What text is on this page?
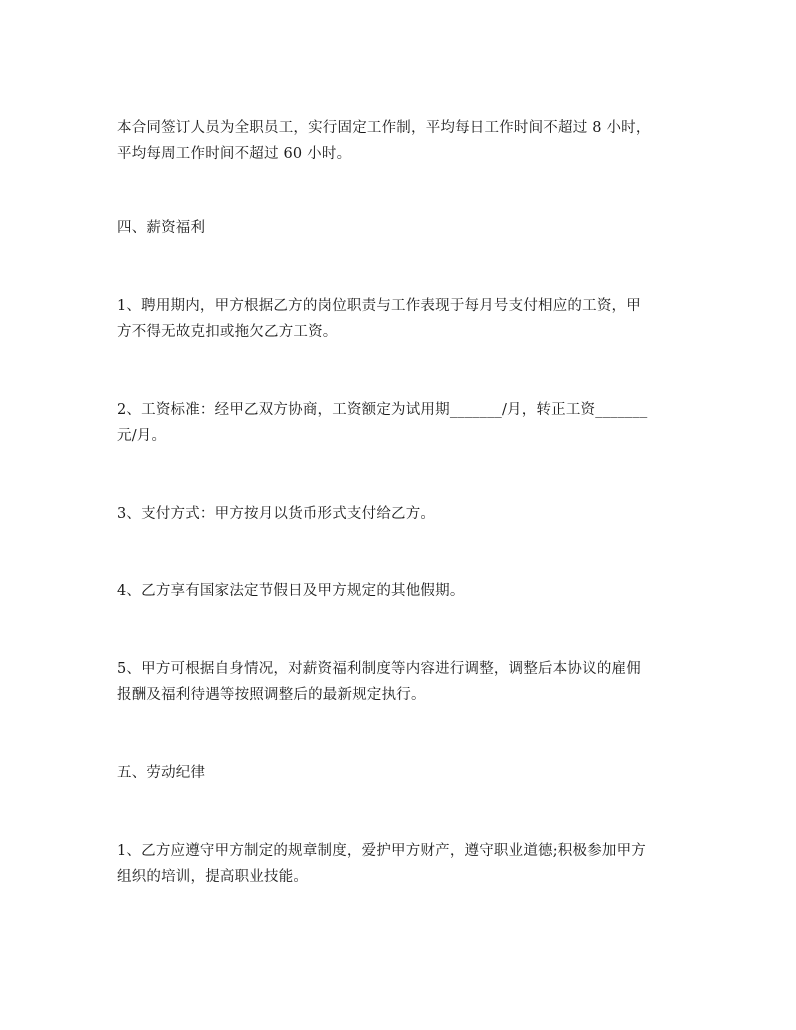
本合同签订人员为全职员工，实行固定工作制，平均每日工作时间不超过 8 小时，
平均每周工作时间不超过 60 小时。
四、薪资福利
1、聘用期内，甲方根据乙方的岗位职责与工作表现于每月号支付相应的工资，甲
方不得无故克扣或拖欠乙方工资。
2、工资标准：经甲乙双方协商，工资额定为试用期_______/月，转正工资_______
元/月。
3、支付方式：甲方按月以货币形式支付给乙方。
4、乙方享有国家法定节假日及甲方规定的其他假期。
5、甲方可根据自身情况，对薪资福利制度等内容进行调整，调整后本协议的雇佣
报酬及福利待遇等按照调整后的最新规定执行。
五、劳动纪律
1、乙方应遵守甲方制定的规章制度，爱护甲方财产，遵守职业道德;积极参加甲方
组织的培训，提高职业技能。
